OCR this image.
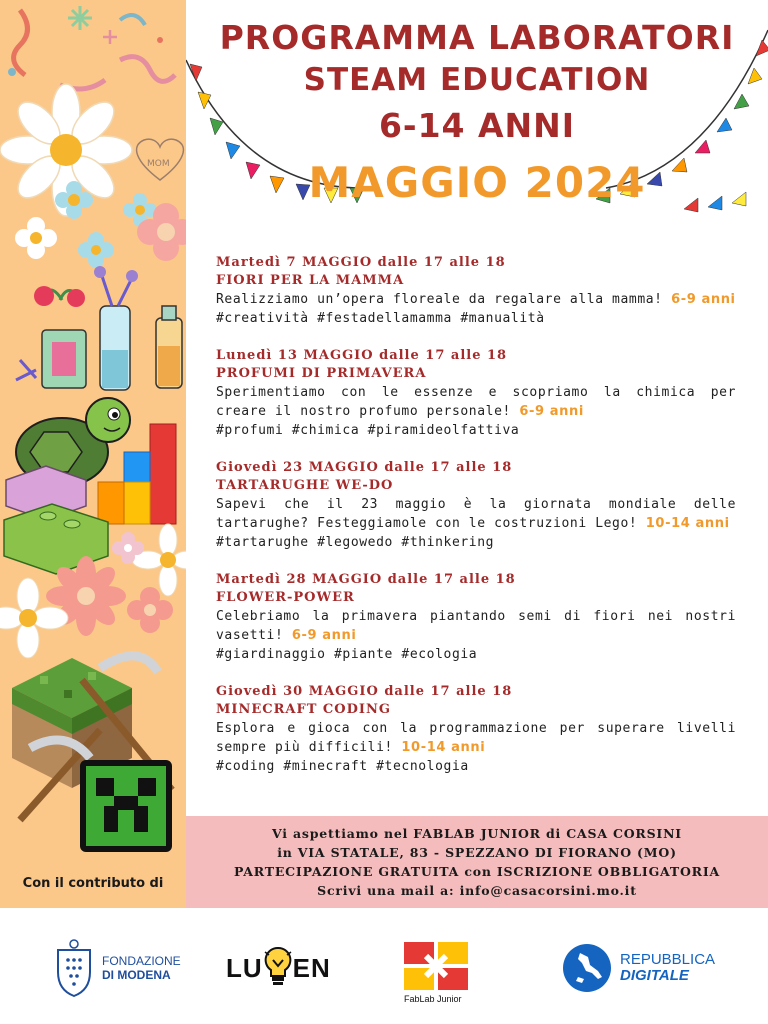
MOM
Con il contributo di
PROGRAMMA LABORATORI
STEAM EDUCATION
6-14 ANNI
MAGGIO 2024
Martedì 7 MAGGIO dalle 17 alle 18
FIORI PER LA MAMMA
Realizziamo un’opera floreale da regalare alla mamma! 6-9 anni
#creatività #festadellamamma #manualità
Lunedì 13 MAGGIO dalle 17 alle 18
PROFUMI DI PRIMAVERA
Sperimentiamo con le essenze e scopriamo la chimica per creare il nostro profumo personale! 6-9 anni
#profumi #chimica #piramideolfattiva
Giovedì 23 MAGGIO dalle 17 alle 18
TARTARUGHE WE-DO
Sapevi che il 23 maggio è la giornata mondiale delle tartarughe? Festeggiamole con le costruzioni Lego! 10-14 anni
#tartarughe #legowedo #thinkering
Martedì 28 MAGGIO dalle 17 alle 18
FLOWER-POWER
Celebriamo la primavera piantando semi di fiori nei nostri vasetti! 6-9 anni
#giardinaggio #piante #ecologia
Giovedì 30 MAGGIO dalle 17 alle 18
MINECRAFT CODING
Esplora e gioca con la programmazione per superare livelli sempre più difficili! 10-14 anni
#coding #minecraft #tecnologia
Vi aspettiamo nel FABLAB JUNIOR di CASA CORSINI
in VIA STATALE, 83 - SPEZZANO DI FIORANO (MO)
PARTECIPAZIONE GRATUITA con ISCRIZIONE OBBLIGATORIA
Scrivi una mail a: info@casacorsini.mo.it
FONDAZIONE
DI MODENA	LU EN
FabLab Junior
REPUBBLICA
DIGITALE
